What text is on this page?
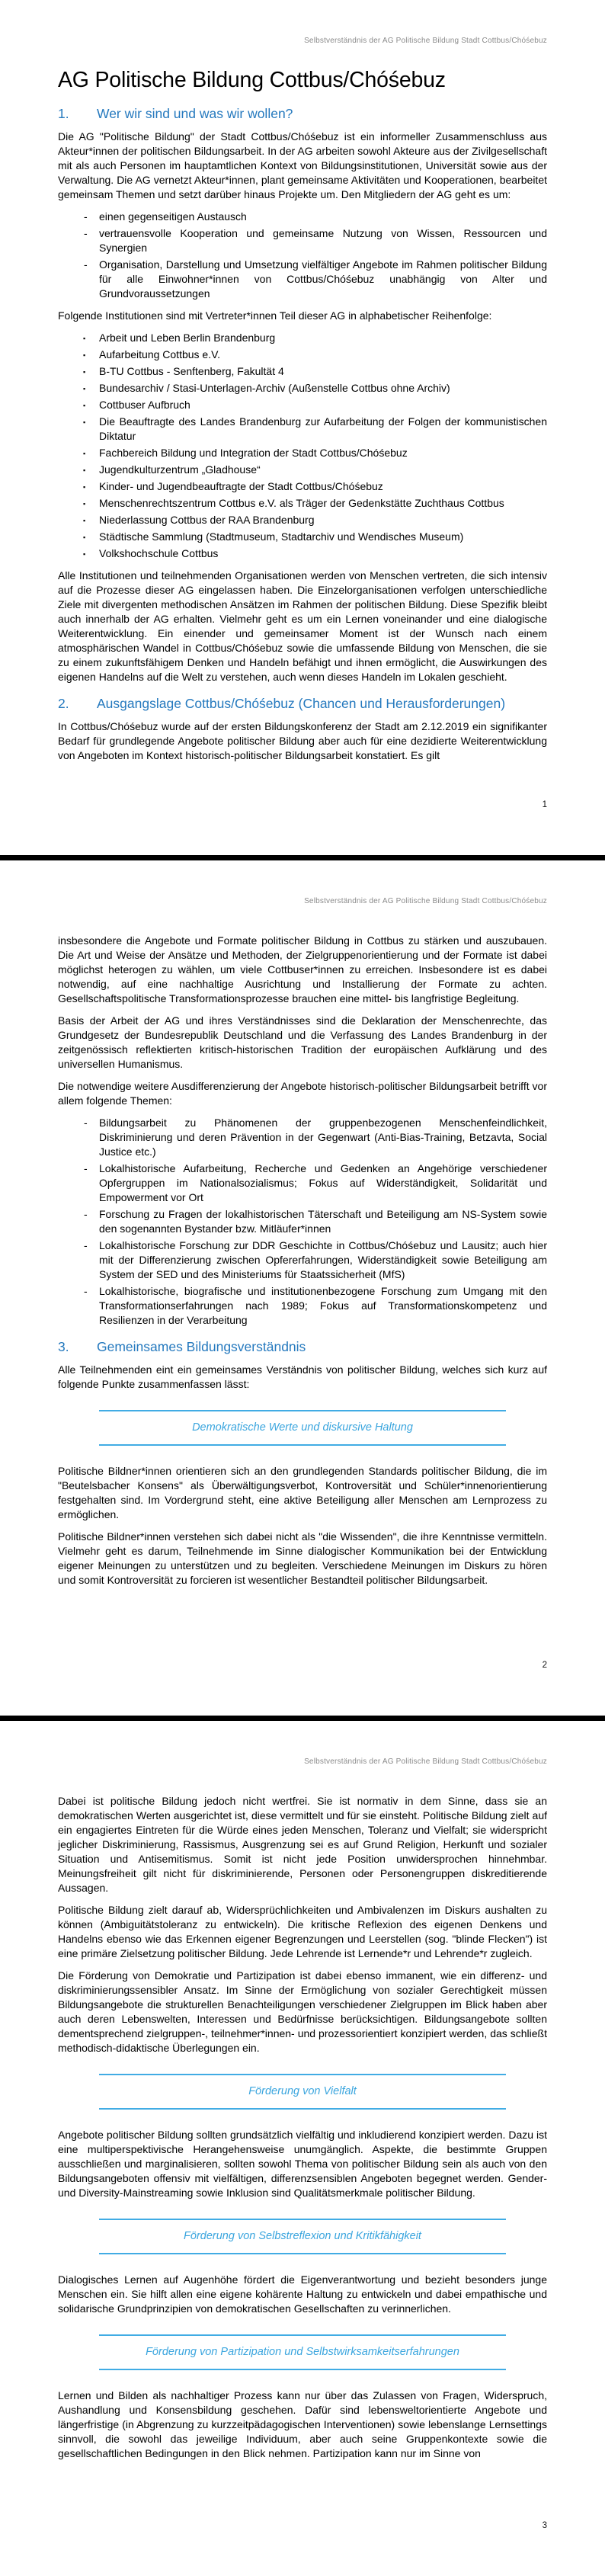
Selbstverständnis der AG Politische Bildung Stadt Cottbus/Chóśebuz
AG Politische Bildung Cottbus/Chóśebuz
1. Wer wir sind und was wir wollen?

Die AG "Politische Bildung" der Stadt Cottbus/Chóśebuz ist ein informeller Zusammenschluss aus Akteur*innen der politischen Bildungsarbeit. In der AG arbeiten sowohl Akteure aus der Zivilgesellschaft mit als auch Personen im hauptamtlichen Kontext von Bildungsinstitutionen, Universität sowie aus der Verwaltung. Die AG vernetzt Akteur*innen, plant gemeinsame Aktivitäten und Kooperationen, bearbeitet gemeinsam Themen und setzt darüber hinaus Projekte um. Den Mitgliedern der AG geht es um:

- einen gegenseitigen Austausch
- vertrauensvolle Kooperation und gemeinsame Nutzung von Wissen, Ressourcen und Synergien
- Organisation, Darstellung und Umsetzung vielfältiger Angebote im Rahmen politischer Bildung für alle Einwohner*innen von Cottbus/Chóśebuz unabhängig von Alter und Grundvoraussetzungen

Folgende Institutionen sind mit Vertreter*innen Teil dieser AG in alphabetischer Reihenfolge:

▪ Arbeit und Leben Berlin Brandenburg
▪ Aufarbeitung Cottbus e.V.
▪ B-TU Cottbus - Senftenberg, Fakultät 4
▪ Bundesarchiv / Stasi-Unterlagen-Archiv (Außenstelle Cottbus ohne Archiv)
▪ Cottbuser Aufbruch
▪ Die Beauftragte des Landes Brandenburg zur Aufarbeitung der Folgen der kommunistischen Diktatur
▪ Fachbereich Bildung und Integration der Stadt Cottbus/Chóśebuz
▪ Jugendkulturzentrum „Gladhouse“
▪ Kinder- und Jugendbeauftragte der Stadt Cottbus/Chóśebuz
▪ Menschenrechtszentrum Cottbus e.V. als Träger der Gedenkstätte Zuchthaus Cottbus
▪ Niederlassung Cottbus der RAA Brandenburg
▪ Städtische Sammlung (Stadtmuseum, Stadtarchiv und Wendisches Museum)
▪ Volkshochschule Cottbus

Alle Institutionen und teilnehmenden Organisationen werden von Menschen vertreten, die sich intensiv auf die Prozesse dieser AG eingelassen haben. Die Einzelorganisationen verfolgen unterschiedliche Ziele mit divergenten methodischen Ansätzen im Rahmen der politischen Bildung. Diese Spezifik bleibt auch innerhalb der AG erhalten. Vielmehr geht es um ein Lernen voneinander und eine dialogische Weiterentwicklung. Ein einender und gemeinsamer Moment ist der Wunsch nach einem atmosphärischen Wandel in Cottbus/Chóśebuz sowie die umfassende Bildung von Menschen, die sie zu einem zukunftsfähigem Denken und Handeln befähigt und ihnen ermöglicht, die Auswirkungen des eigenen Handelns auf die Welt zu verstehen, auch wenn dieses Handeln im Lokalen geschieht.

2. Ausgangslage Cottbus/Chóśebuz (Chancen und Herausforderungen)

In Cottbus/Chóśebuz wurde auf der ersten Bildungskonferenz der Stadt am 2.12.2019 ein signifikanter Bedarf für grundlegende Angebote politischer Bildung aber auch für eine dezidierte Weiterentwicklung von Angeboten im Kontext historisch-politischer Bildungsarbeit konstatiert. Es gilt

1
Selbstverständnis der AG Politische Bildung Stadt Cottbus/Chóśebuz

insbesondere die Angebote und Formate politischer Bildung in Cottbus zu stärken und auszubauen. Die Art und Weise der Ansätze und Methoden, der Zielgruppenorientierung und der Formate ist dabei möglichst heterogen zu wählen, um viele Cottbuser*innen zu erreichen. Insbesondere ist es dabei notwendig, auf eine nachhaltige Ausrichtung und Installierung der Formate zu achten. Gesellschaftspolitische Transformationsprozesse brauchen eine mittel- bis langfristige Begleitung.

Basis der Arbeit der AG und ihres Verständnisses sind die Deklaration der Menschenrechte, das Grundgesetz der Bundesrepublik Deutschland und die Verfassung des Landes Brandenburg in der zeitgenössisch reflektierten kritisch-historischen Tradition der europäischen Aufklärung und des universellen Humanismus.

Die notwendige weitere Ausdifferenzierung der Angebote historisch-politischer Bildungsarbeit betrifft vor allem folgende Themen:

- Bildungsarbeit zu Phänomenen der gruppenbezogenen Menschenfeindlichkeit, Diskriminierung und deren Prävention in der Gegenwart (Anti-Bias-Training, Betzavta, Social Justice etc.)
- Lokalhistorische Aufarbeitung, Recherche und Gedenken an Angehörige verschiedener Opfergruppen im Nationalsozialismus; Fokus auf Widerständigkeit, Solidarität und Empowerment vor Ort
- Forschung zu Fragen der lokalhistorischen Täterschaft und Beteiligung am NS-System sowie den sogenannten Bystander bzw. Mitläufer*innen
- Lokalhistorische Forschung zur DDR Geschichte in Cottbus/Chóśebuz und Lausitz; auch hier mit der Differenzierung zwischen Opfererfahrungen, Widerständigkeit sowie Beteiligung am System der SED und des Ministeriums für Staatssicherheit (MfS)
- Lokalhistorische, biografische und institutionenbezogene Forschung zum Umgang mit den Transformationserfahrungen nach 1989; Fokus auf Transformationskompetenz und Resilienzen in der Verarbeitung
3. Gemeinsames Bildungsverständnis

Alle Teilnehmenden eint ein gemeinsames Verständnis von politischer Bildung, welches sich kurz auf folgende Punkte zusammenfassen lässt:

Demokratische Werte und diskursive Haltung

Politische Bildner*innen orientieren sich an den grundlegenden Standards politischer Bildung, die im "Beutelsbacher Konsens" als Überwältigungsverbot, Kontroversität und Schüler*innenorientierung festgehalten sind. Im Vordergrund steht, eine aktive Beteiligung aller Menschen am Lernprozess zu ermöglichen.

Politische Bildner*innen verstehen sich dabei nicht als "die Wissenden", die ihre Kenntnisse vermitteln. Vielmehr geht es darum, Teilnehmende im Sinne dialogischer Kommunikation bei der Entwicklung eigener Meinungen zu unterstützen und zu begleiten. Verschiedene Meinungen im Diskurs zu hören und somit Kontroversität zu forcieren ist wesentlicher Bestandteil politischer Bildungsarbeit.

2
Selbstverständnis der AG Politische Bildung Stadt Cottbus/Chóśebuz

Dabei ist politische Bildung jedoch nicht wertfrei. Sie ist normativ in dem Sinne, dass sie an demokratischen Werten ausgerichtet ist, diese vermittelt und für sie einsteht. Politische Bildung zielt auf ein engagiertes Eintreten für die Würde eines jeden Menschen, Toleranz und Vielfalt; sie widerspricht jeglicher Diskriminierung, Rassismus, Ausgrenzung sei es auf Grund Religion, Herkunft und sozialer Situation und Antisemitismus. Somit ist nicht jede Position unwidersprochen hinnehmbar. Meinungsfreiheit gilt nicht für diskriminierende, Personen oder Personengruppen diskreditierende Aussagen.

Politische Bildung zielt darauf ab, Widersprüchlichkeiten und Ambivalenzen im Diskurs aushalten zu können (Ambiguitätstoleranz zu entwickeln). Die kritische Reflexion des eigenen Denkens und Handelns ebenso wie das Erkennen eigener Begrenzungen und Leerstellen (sog. "blinde Flecken") ist eine primäre Zielsetzung politischer Bildung. Jede Lehrende ist Lernende*r und Lehrende*r zugleich.

Die Förderung von Demokratie und Partizipation ist dabei ebenso immanent, wie ein differenz- und diskriminierungssensibler Ansatz. Im Sinne der Ermöglichung von sozialer Gerechtigkeit müssen Bildungsangebote die strukturellen Benachteiligungen verschiedener Zielgruppen im Blick haben aber auch deren Lebenswelten, Interessen und Bedürfnisse berücksichtigen. Bildungsangebote sollten dementsprechend zielgruppen-, teilnehmer*innen- und prozessorientiert konzipiert werden, das schließt methodisch-didaktische Überlegungen ein.

Förderung von Vielfalt

Angebote politischer Bildung sollten grundsätzlich vielfältig und inkludierend konzipiert werden. Dazu ist eine multiperspektivische Herangehensweise unumgänglich. Aspekte, die bestimmte Gruppen ausschließen und marginalisieren, sollten sowohl Thema von politischer Bildung sein als auch von den Bildungsangeboten offensiv mit vielfältigen, differenzsensiblen Angeboten begegnet werden. Gender- und Diversity-Mainstreaming sowie Inklusion sind Qualitätsmerkmale politischer Bildung.

Förderung von Selbstreflexion und Kritikfähigkeit

Dialogisches Lernen auf Augenhöhe fördert die Eigenverantwortung und bezieht besonders junge Menschen ein. Sie hilft allen eine eigene kohärente Haltung zu entwickeln und dabei empathische und solidarische Grundprinzipien von demokratischen Gesellschaften zu verinnerlichen.

Förderung von Partizipation und Selbstwirksamkeitserfahrungen

Lernen und Bilden als nachhaltiger Prozess kann nur über das Zulassen von Fragen, Widerspruch, Aushandlung und Konsensbildung geschehen. Dafür sind lebensweltorientierte Angebote und längerfristige (in Abgrenzung zu kurzzeitpädagogischen Interventionen) sowie lebenslange Lernsettings sinnvoll, die sowohl das jeweilige Individuum, aber auch seine Gruppenkontexte sowie die gesellschaftlichen Bedingungen in den Blick nehmen. Partizipation kann nur im Sinne von

3
